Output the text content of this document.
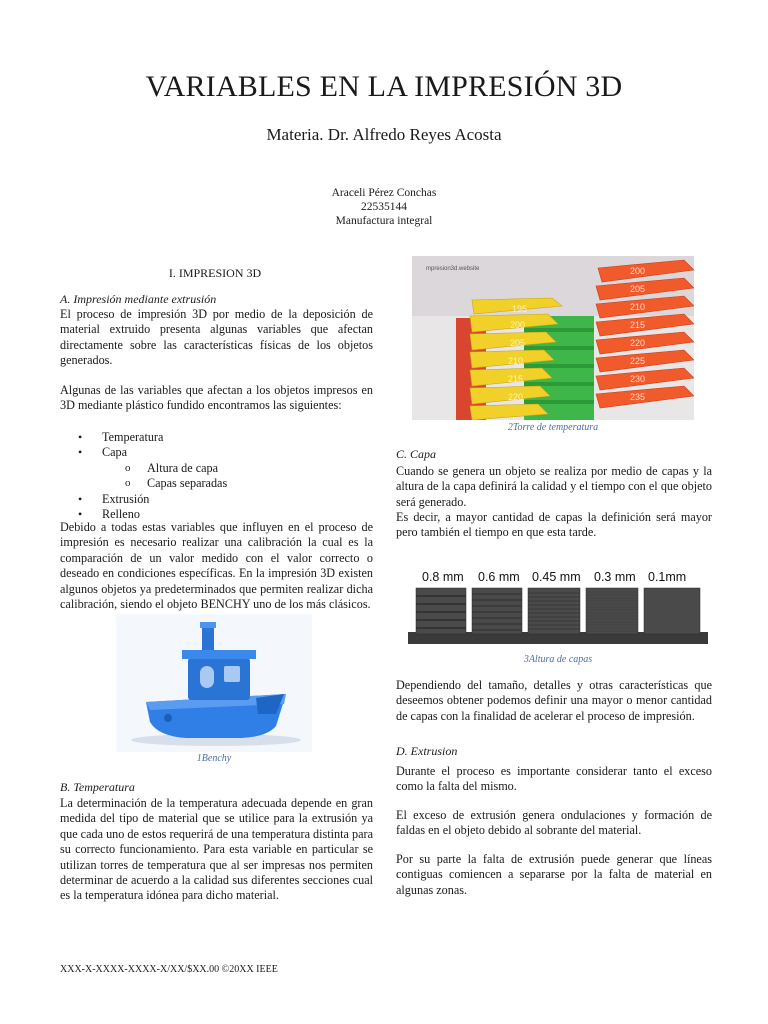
VARIABLES EN LA IMPRESIÓN 3D
Materia. Dr. Alfredo Reyes Acosta
Araceli Pérez Conchas
22535144
Manufactura integral
I. IMPRESION 3D
A. Impresión mediante extrusión
El proceso de impresión 3D por medio de la deposición de material extruido presenta algunas variables que afectan directamente sobre las características físicas de los objetos generados.
Algunas de las variables que afectan a los objetos impresos en 3D mediante plástico fundido encontramos las siguientes:
• Temperatura
• Capa
o Altura de capa
o Capas separadas
• Extrusión
• Relleno
Debido a todas estas variables que influyen en el proceso de impresión es necesario realizar una calibración la cual es la comparación de un valor medido con el valor correcto o deseado en condiciones específicas. En la impresión 3D existen algunos objetos ya predeterminados que permiten realizar dicha calibración, siendo el objeto BENCHY uno de los más clásicos.
1Benchy
B. Temperatura
La determinación de la temperatura adecuada depende en gran medida del tipo de material que se utilice para la extrusión ya que cada uno de estos requerirá de una temperatura distinta para su correcto funcionamiento. Para esta variable en particular se utilizan torres de temperatura que al ser impresas nos permiten determinar de acuerdo a la calidad sus diferentes secciones cual es la temperatura idónea para dicho material.
mpresion3d.website
195
200
205
210
215
220
200
205
210
215
220
225
230
235
2Torre de temperatura
C. Capa
Cuando se genera un objeto se realiza por medio de capas y la altura de la capa definirá la calidad y el tiempo con el que objeto será generado.
Es decir, a mayor cantidad de capas la definición será mayor pero también el tiempo en que esta tarde.
0.8 mm 0.6 mm 0.45 mm 0.3 mm 0.1mm
3Altura de capas
Dependiendo del tamaño, detalles y otras características que deseemos obtener podemos definir una mayor o menor cantidad de capas con la finalidad de acelerar el proceso de impresión.
D. Extrusion
Durante el proceso es importante considerar tanto el exceso como la falta del mismo.
El exceso de extrusión genera ondulaciones y formación de faldas en el objeto debido al sobrante del material.
Por su parte la falta de extrusión puede generar que líneas contiguas comiencen a separarse por la falta de material en algunas zonas.
XXX-X-XXXX-XXXX-X/XX/$XX.00 ©20XX IEEE
